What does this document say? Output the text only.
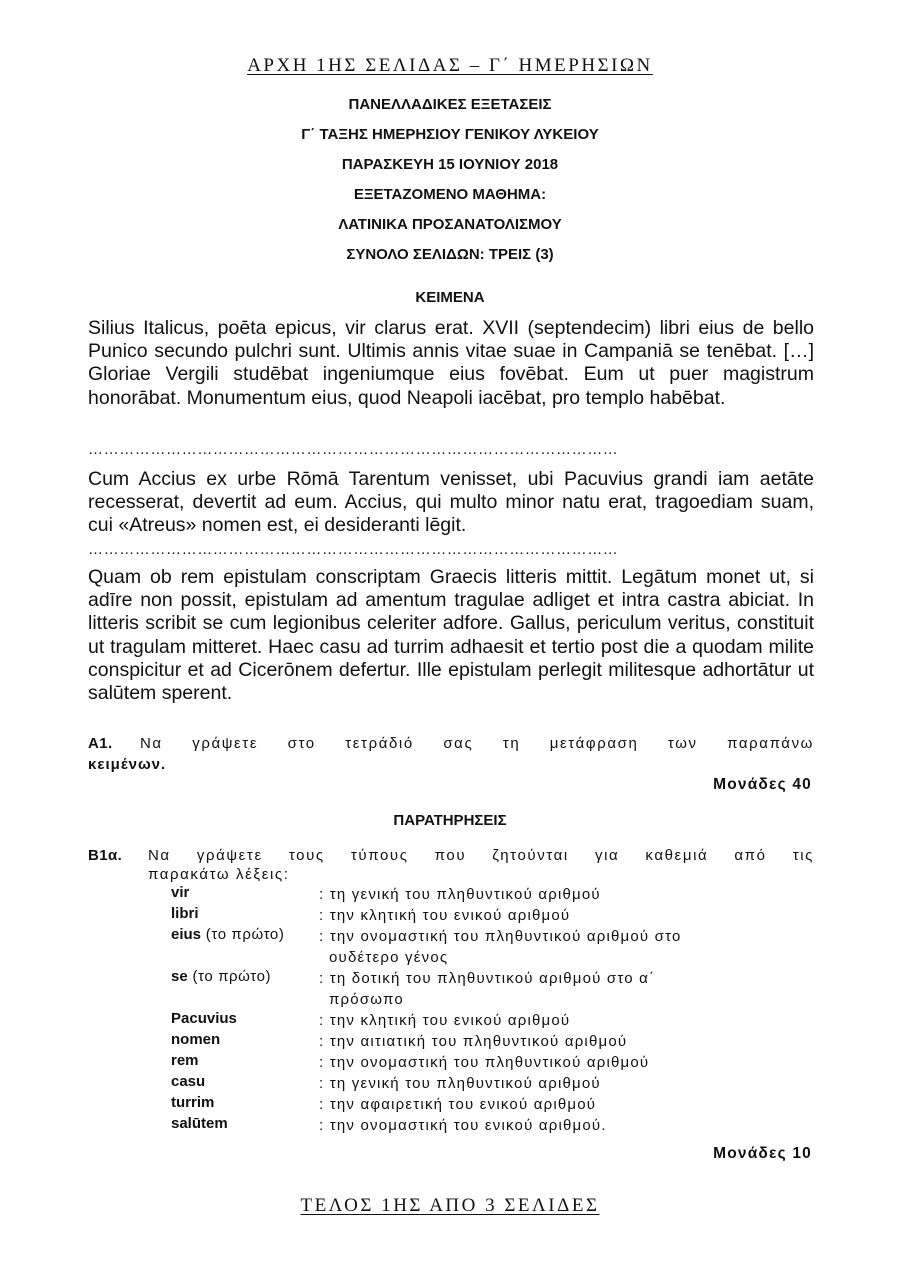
ΑΡΧΗ 1ΗΣ ΣΕΛΙΔΑΣ – Γ΄ ΗΜΕΡΗΣΙΩΝ
ΠΑΝΕΛΛΑΔΙΚΕΣ ΕΞΕΤΑΣΕΙΣ
Γ΄ ΤΑΞΗΣ ΗΜΕΡΗΣΙΟΥ ΓΕΝΙΚΟΥ ΛΥΚΕΙΟΥ
ΠΑΡΑΣΚΕΥΗ 15 ΙΟΥΝΙΟΥ 2018
ΕΞΕΤΑΖΟΜΕΝΟ ΜΑΘΗΜΑ:
ΛΑΤΙΝΙΚΑ ΠΡΟΣΑΝΑΤΟΛΙΣΜΟΥ
ΣΥΝΟΛΟ ΣΕΛΙΔΩΝ: ΤΡΕΙΣ (3)
ΚΕΙΜΕΝΑ

Silius Italicus, poēta epicus, vir clarus erat. XVII (septendecim) libri eius de bello Punico secundo pulchri sunt. Ultimis annis vitae suae in Campaniā se tenēbat. […] Gloriae Vergili studēbat ingeniumque eius fovēbat. Eum ut puer magistrum honorābat. Monumentum eius, quod Neapoli iacēbat, pro templo habēbat.

…………………………………………………………………………………………

Cum Accius ex urbe Rōmā Tarentum venisset, ubi Pacuvius grandi iam aetāte recesserat, devertit ad eum. Accius, qui multo minor natu erat, tragoediam suam, cui «Atreus» nomen est, ei desideranti lēgit.

…………………………………………………………………………………………

Quam ob rem epistulam conscriptam Graecis litteris mittit. Legātum monet ut, si adīre non possit, epistulam ad amentum tragulae adliget et intra castra abiciat. In litteris scribit se cum legionibus celeriter adfore. Gallus, periculum veritus, constituit ut tragulam mitteret. Haec casu ad turrim adhaesit et tertio post die a quodam milite conspicitur et ad Cicerōnem defertur. Ille epistulam perlegit militesque adhortātur ut salūtem sperent.

A1. Να γράψετε στο τετράδιό σας τη μετάφραση των παραπάνω
κειμένων.
Μονάδες 40
ΠΑΡΑΤΗΡΗΣΕΙΣ
Β1α. Να γράψετε τους τύπους που ζητούνται για καθεμιά από τις
παρακάτω λέξεις:
vir	: τη γενική του πληθυντικού αριθμού
libri	: την κλητική του ενικού αριθμού
eius (το πρώτο) : την ονομαστική του πληθυντικού αριθμού στο
ουδέτερο γένος
se (το πρώτο)	: τη δοτική του πληθυντικού αριθμού στο α΄
πρόσωπο
Pacuvius	: την κλητική του ενικού αριθμού
nomen	: την αιτιατική του πληθυντικού αριθμού
rem	: την ονομαστική του πληθυντικού αριθμού
casu	: τη γενική του πληθυντικού αριθμού
turrim	: την αφαιρετική του ενικού αριθμού
salūtem	: την ονομαστική του ενικού αριθμού.
Μονάδες 10
ΤΕΛΟΣ 1ΗΣ ΑΠΟ 3 ΣΕΛΙΔΕΣ
